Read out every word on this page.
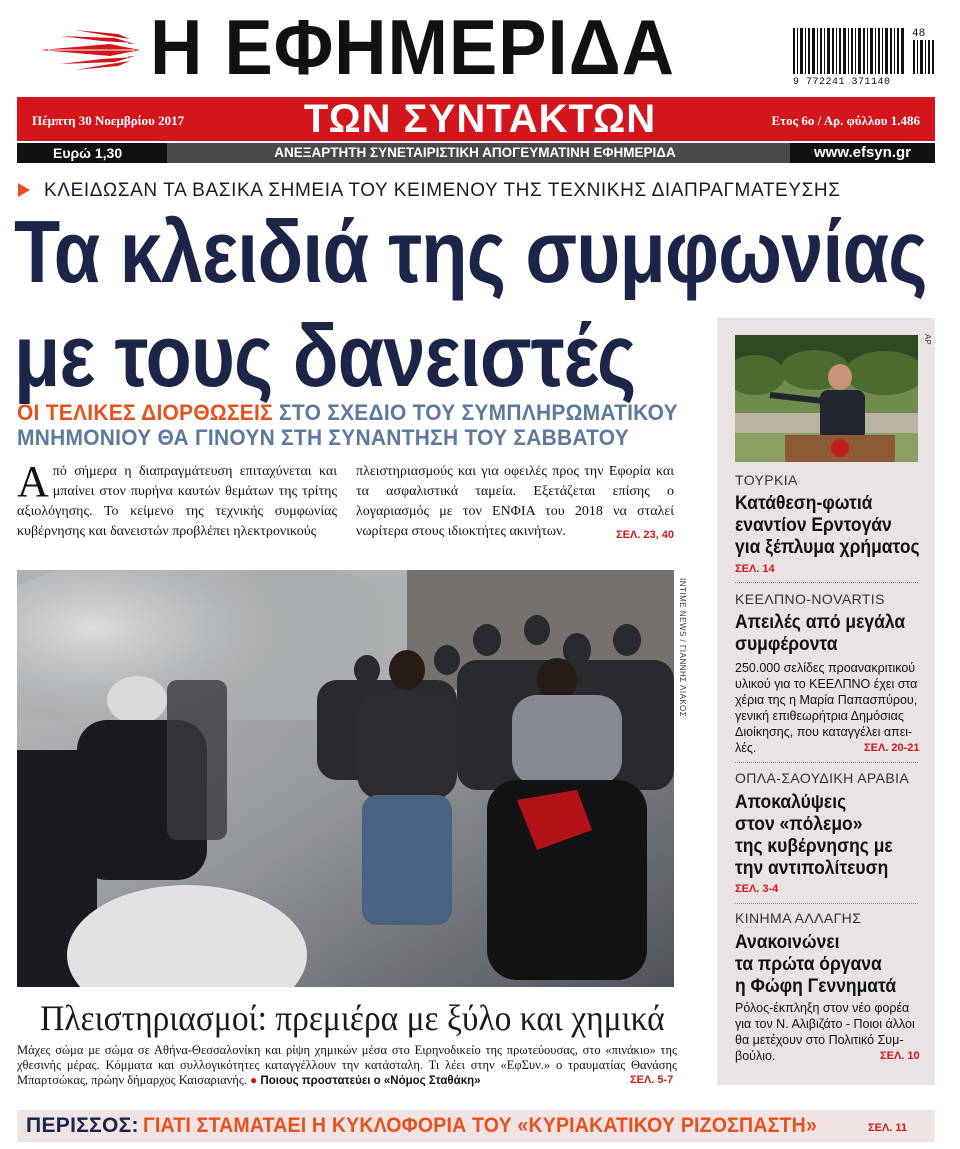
Η ΕΦΗΜΕΡΙΔΑ	48
9 772241 371140
Πέμπτη 30 Νοεμβρίου 2017	ΤΩΝ ΣΥΝΤΑΚΤΩΝ	Ετος 6ο / Αρ. φύλλου 1.486
Ευρώ 1,30	ΑΝΕΞΑΡΤΗΤΗ ΣΥΝΕΤΑΙΡΙΣΤΙΚΗ ΑΠΟΓΕΥΜΑΤΙΝΗ ΕΦΗΜΕΡΙΔΑ	www.efsyn.gr
ΚΛΕΙΔΩΣΑΝ ΤΑ ΒΑΣΙΚΑ ΣΗΜΕΙΑ ΤΟΥ ΚΕΙΜΕΝΟΥ ΤΗΣ ΤΕΧΝΙΚΗΣ ΔΙΑΠΡΑΓΜΑΤΕΥΣΗΣ
Τα κλειδιά της συμφωνίας
με τους δανειστές
ΟΙ ΤΕΛΙΚΕΣ ΔΙΟΡΘΩΣΕΙΣ ΣΤΟ ΣΧΕΔΙΟ ΤΟΥ ΣΥΜΠΛΗΡΩΜΑΤΙΚΟΥ
ΜΝΗΜΟΝΙΟΥ ΘΑ ΓΙΝΟΥΝ ΣΤΗ ΣΥΝΑΝΤΗΣΗ ΤΟΥ ΣΑΒΒΑΤΟΥ
Από σήμερα η διαπραγμάτευση επιταχύνεται και μπαίνει στον πυρήνα καυτών θεμάτων της τρίτης αξιολόγησης. Το κείμενο της τεχνικής συμφωνίας κυβέρνησης και δανειστών προβλέπει ηλεκτρονικούς
πλειστηριασμούς και για οφειλές προς την Εφορία και τα ασφαλιστικά ταμεία. Εξετάζεται επίσης ο λογαριασμός με τον ΕΝΦΙΑ του 2018 να σταλεί νωρίτερα στους ιδιοκτήτες ακινήτων.	ΣΕΛ. 23, 40
INTIME NEWS / ΓΙΑΝΝΗΣ ΛΙΑΚΟΣ
Πλειστηριασμοί: πρεμιέρα με ξύλο και χημικά
Μάχες σώμα με σώμα σε Αθήνα-Θεσσαλονίκη και ρίψη χημικών μέσα στο Ειρηνοδικείο της πρωτεύουσας, στο «πινάκιο» της χθεσινής μέρας. Κόμματα και συλλογικότητες καταγγέλλουν την κατάσταλη. Τι λέει στην «ΕφΣυν.» ο τραυματίας Θανάσης Μπαρτσώκας, πρώην δήμαρχος Καισαριανής. ● Ποιους προστατεύει ο «Νόμος Σταθάκη»	ΣΕΛ. 5-7
AP
ΤΟΥΡΚΙΑ
Κατάθεση-φωτιά
εναντίον Ερντογάν
για ξέπλυμα χρήματος
ΣΕΛ. 14
ΚΕΕΛΠΝΟ-NOVARTIS
Απειλές από μεγάλα
συμφέροντα
250.000 σελίδες προανακριτικού
υλικού για το ΚΕΕΛΠΝΟ έχει στα
χέρια της η Μαρία Παπασπύρου,
γενική επιθεωρήτρια Δημόσιας
Διοίκησης, που καταγγέλει απει-
λές.	ΣΕΛ. 20-21
ΟΠΛΑ-ΣΑΟΥΔΙΚΗ ΑΡΑΒΙΑ
Αποκαλύψεις
στον «πόλεμο»
της κυβέρνησης με
την αντιπολίτευση
ΣΕΛ. 3-4
ΚΙΝΗΜΑ ΑΛΛΑΓΗΣ
Ανακοινώνει
τα πρώτα όργανα
η Φώφη Γεννηματά
Ρόλος-έκπληξη στον νέο φορέα
για τον Ν. Αλιβιζάτο - Ποιοι άλλοι
θα μετέχουν στο Πολιτικό Συμ-
βούλιο.	ΣΕΛ. 10
ΠΕΡΙΣΣΟΣ: ΓΙΑΤΙ ΣΤΑΜΑΤΑΕΙ Η ΚΥΚΛΟΦΟΡΙΑ ΤΟΥ «ΚΥΡΙΑΚΑΤΙΚΟΥ ΡΙΖΟΣΠΑΣΤΗ»	ΣΕΛ. 11
